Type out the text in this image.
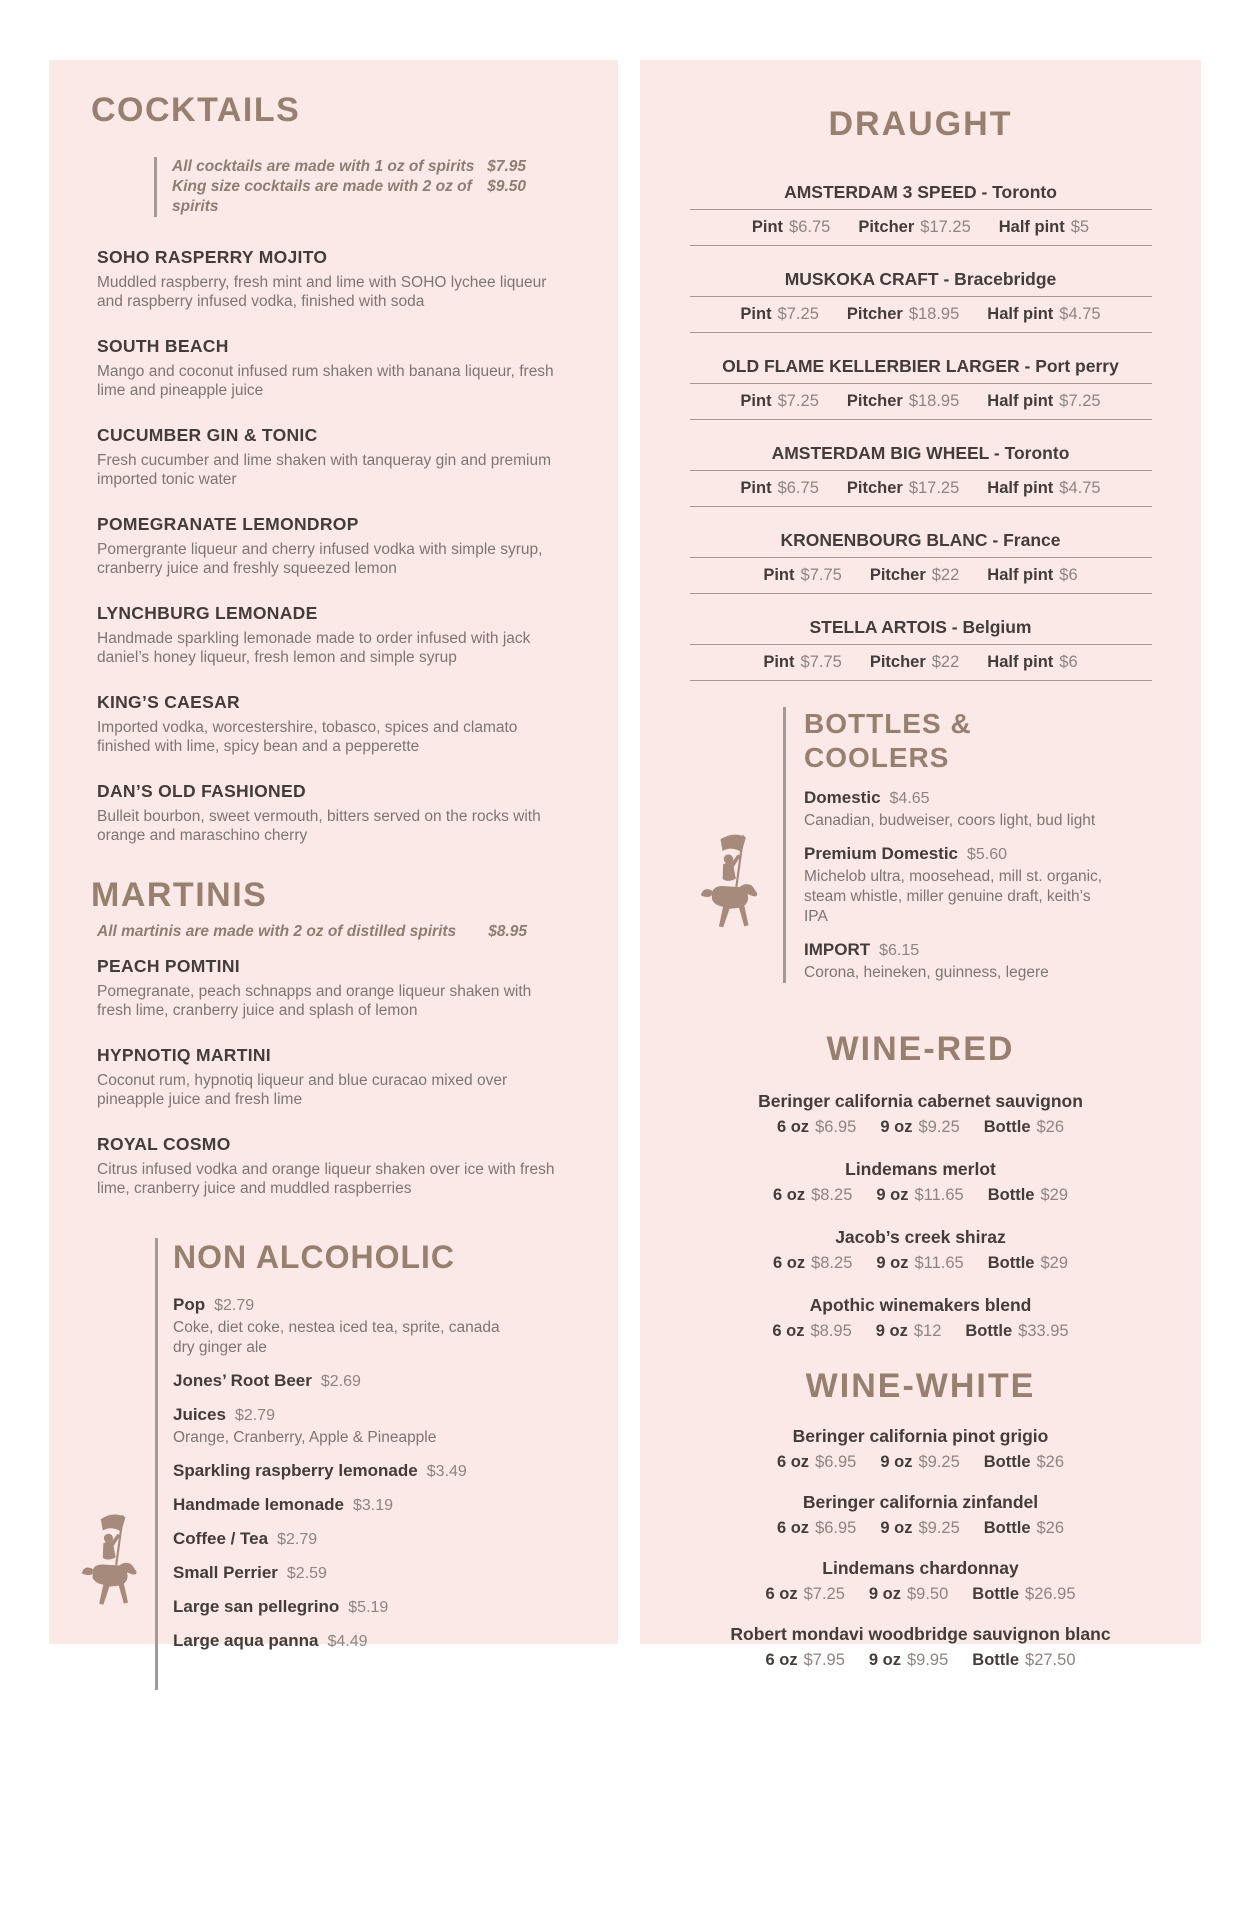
COCKTAILS
All cocktails are made with 1 oz of spirits $7.95
King size cocktails are made with 2 oz of spirits
$9.50
SOHO RASPERRY MOJITO
Muddled raspberry, fresh mint and lime with SOHO lychee liqueur and raspberry infused vodka, finished with soda
SOUTH BEACH
Mango and coconut infused rum shaken with banana liqueur, fresh lime and pineapple juice
CUCUMBER GIN & TONIC
Fresh cucumber and lime shaken with tanqueray gin and premium imported tonic water
POMEGRANATE LEMONDROP
Pomergrante liqueur and cherry infused vodka with simple syrup, cranberry juice and freshly squeezed lemon
LYNCHBURG LEMONADE
Handmade sparkling lemonade made to order infused with jack daniel’s honey liqueur, fresh lemon and simple syrup
KING’S CAESAR
Imported vodka, worcestershire, tobasco, spices and clamato finished with lime, spicy bean and a pepperette
DAN’S OLD FASHIONED
Bulleit bourbon, sweet vermouth, bitters served on the rocks with orange and maraschino cherry
MARTINIS
All martinis are made with 2 oz of distilled spirits $8.95
PEACH POMTINI
Pomegranate, peach schnapps and orange liqueur shaken with fresh lime, cranberry juice and splash of lemon
HYPNOTIQ MARTINI
Coconut rum, hypnotiq liqueur and blue curacao mixed over pineapple juice and fresh lime
ROYAL COSMO
Citrus infused vodka and orange liqueur shaken over ice with fresh lime, cranberry juice and muddled raspberries
NON ALCOHOLIC
Pop $2.79
Coke, diet coke, nestea iced tea, sprite, canada dry ginger ale
Jones’ Root Beer $2.69
Juices $2.79
Orange, Cranberry, Apple & Pineapple
Sparkling raspberry lemonade $3.49
Handmade lemonade $3.19
Coffee / Tea $2.79
Small Perrier $2.59
Large san pellegrino $5.19
Large aqua panna $4.49
DRAUGHT
AMSTERDAM 3 SPEED - Toronto
Pint $6.75 Pitcher $17.25 Half pint $5
MUSKOKA CRAFT - Bracebridge
Pint $7.25 Pitcher $18.95 Half pint $4.75
OLD FLAME KELLERBIER LARGER - Port perry
Pint $7.25 Pitcher $18.95 Half pint $7.25
AMSTERDAM BIG WHEEL - Toronto
Pint $6.75 Pitcher $17.25 Half pint $4.75
KRONENBOURG BLANC - France
Pint $7.75 Pitcher $22 Half pint $6
STELLA ARTOIS - Belgium
Pint $7.75 Pitcher $22 Half pint $6
BOTTLES & COOLERS
Domestic $4.65
Canadian, budweiser, coors light, bud light
Premium Domestic $5.60
Michelob ultra, moosehead, mill st. organic, steam whistle, miller genuine draft, keith’s IPA
IMPORT $6.15
Corona, heineken, guinness, legere
WINE-RED
Beringer california cabernet sauvignon
6 oz $6.95 9 oz $9.25 Bottle $26
Lindemans merlot
6 oz $8.25 9 oz $11.65 Bottle $29
Jacob’s creek shiraz
6 oz $8.25 9 oz $11.65 Bottle $29
Apothic winemakers blend
6 oz $8.95 9 oz $12 Bottle $33.95
WINE-WHITE
Beringer california pinot grigio
6 oz $6.95 9 oz $9.25 Bottle $26
Beringer california zinfandel
6 oz $6.95 9 oz $9.25 Bottle $26
Lindemans chardonnay
6 oz $7.25 9 oz $9.50 Bottle $26.95
Robert mondavi woodbridge sauvignon blanc
6 oz $7.95 9 oz $9.95 Bottle $27.50
